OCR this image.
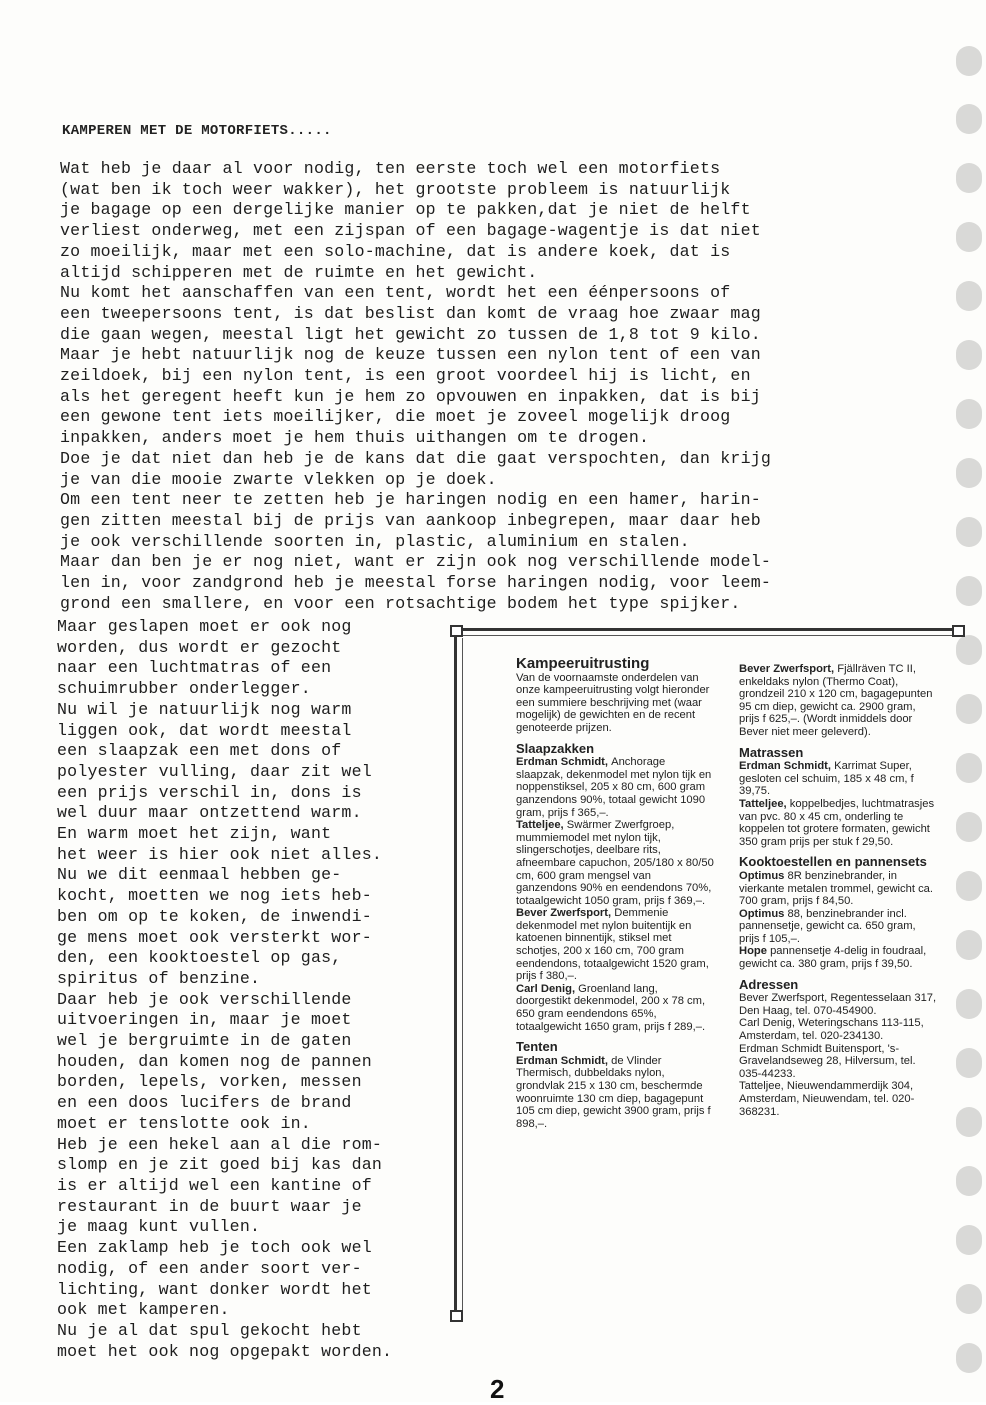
KAMPEREN MET DE MOTORFIETS.....
Wat heb je daar al voor nodig, ten eerste toch wel een motorfiets
(wat ben ik toch weer wakker), het grootste probleem is natuurlijk
je bagage op een dergelijke manier op te pakken,dat je niet de helft
verliest onderweg, met een zijspan of een bagage-wagentje is dat niet
zo moeilijk, maar met een solo-machine, dat is andere koek, dat is
altijd schipperen met de ruimte en het gewicht.
Nu komt het aanschaffen van een tent, wordt het een éénpersoons of
een tweepersoons tent, is dat beslist dan komt de vraag hoe zwaar mag
die gaan wegen, meestal ligt het gewicht zo tussen de 1,8 tot 9 kilo.
Maar je hebt natuurlijk nog de keuze tussen een nylon tent of een van
zeildoek, bij een nylon tent, is een groot voordeel hij is licht, en
als het geregent heeft kun je hem zo opvouwen en inpakken, dat is bij
een gewone tent iets moeilijker, die moet je zoveel mogelijk droog
inpakken, anders moet je hem thuis uithangen om te drogen.
Doe je dat niet dan heb je de kans dat die gaat verspochten, dan krijg
je van die mooie zwarte vlekken op je doek.
Om een tent neer te zetten heb je haringen nodig en een hamer, harin-
gen zitten meestal bij de prijs van aankoop inbegrepen, maar daar heb
je ook verschillende soorten in, plastic, aluminium en stalen.
Maar dan ben je er nog niet, want er zijn ook nog verschillende model-
len in, voor zandgrond heb je meestal forse haringen nodig, voor leem-
grond een smallere, en voor een rotsachtige bodem het type spijker.
Maar geslapen moet er ook nog
worden, dus wordt er gezocht
naar een luchtmatras of een
schuimrubber onderlegger.
Nu wil je natuurlijk nog warm
liggen ook, dat wordt meestal
een slaapzak een met dons of
polyester vulling, daar zit wel
een prijs verschil in, dons is
wel duur maar ontzettend warm.
En warm moet het zijn, want
het weer is hier ook niet alles.
Nu we dit eenmaal hebben ge-
kocht, moetten we nog iets heb-
ben om op te koken, de inwendi-
ge mens moet ook versterkt wor-
den, een kooktoestel op gas,
spiritus of benzine.
Daar heb je ook verschillende
uitvoeringen in, maar je moet
wel je bergruimte in de gaten
houden, dan komen nog de pannen
borden, lepels, vorken, messen
en een doos lucifers de brand
moet er tenslotte ook in.
Heb je een hekel aan al die rom-
slomp en je zit goed bij kas dan
is er altijd wel een kantine of
restaurant in de buurt waar je
je maag kunt vullen.
Een zaklamp heb je toch ook wel
nodig, of een ander soort ver-
lichting, want donker wordt het
ook met kamperen.
Nu je al dat spul gekocht hebt
moet het ook nog opgepakt worden.
Kampeeruitrusting
Van de voornaamste onderdelen van onze kampeeruitrusting volgt hieronder een summiere beschrijving met (waar mogelijk) de gewichten en de recent genoteerde prijzen.
Slaapzakken
Erdman Schmidt, Anchorage slaapzak, dekenmodel met nylon tijk en noppenstiksel, 205 x 80 cm, 600 gram ganzendons 90%, totaal gewicht 1090 gram, prijs f 365,–.
Tatteljee, Swärmer Zwerfgroep, mummiemodel met nylon tijk, slingerschotjes, deelbare rits, afneembare capuchon, 205/180 x 80/50 cm, 600 gram mengsel van ganzendons 90% en eendendons 70%, totaalgewicht 1050 gram, prijs f 369,–.
Bever Zwerfsport, Demmenie dekenmodel met nylon buitentijk en katoenen binnentijk, stiksel met schotjes, 200 x 160 cm, 700 gram eendendons, totaalgewicht 1520 gram, prijs f 380,–.
Carl Denig, Groenland lang, doorgestikt dekenmodel, 200 x 78 cm, 650 gram eendendons 65%, totaalgewicht 1650 gram, prijs f 289,–.
Tenten
Erdman Schmidt, de Vlinder Thermisch, dubbeldaks nylon, grondvlak 215 x 130 cm, beschermde woonruimte 130 cm diep, bagagepunt 105 cm diep, gewicht 3900 gram, prijs f 898,–.
Bever Zwerfsport, Fjällräven TC II, enkeldaks nylon (Thermo Coat), grondzeil 210 x 120 cm, bagagepunten 95 cm diep, gewicht ca. 2900 gram, prijs f 625,–. (Wordt inmiddels door Bever niet meer geleverd).
Matrassen
Erdman Schmidt, Karrimat Super, gesloten cel schuim, 185 x 48 cm, f 39,75.
Tatteljee, koppelbedjes, luchtmatrasjes van pvc. 80 x 45 cm, onderling te koppelen tot grotere formaten, gewicht 350 gram prijs per stuk f 29,50.
Kooktoestellen en pannensets
Optimus 8R benzinebrander, in vierkante metalen trommel, gewicht ca. 700 gram, prijs f 84,50.
Optimus 88, benzinebrander incl. pannensetje, gewicht ca. 650 gram, prijs f 105,–.
Hope pannensetje 4-delig in foudraal, gewicht ca. 380 gram, prijs f 39,50.
Adressen
Bever Zwerfsport, Regentesselaan 317, Den Haag, tel. 070-454900.
Carl Denig, Weteringschans 113-115, Amsterdam, tel. 020-234130.
Erdman Schmidt Buitensport, 's-Gravelandseweg 28, Hilversum, tel. 035-44233.
Tatteljee, Nieuwendammerdijk 304, Amsterdam, Nieuwendam, tel. 020-368231.
2
